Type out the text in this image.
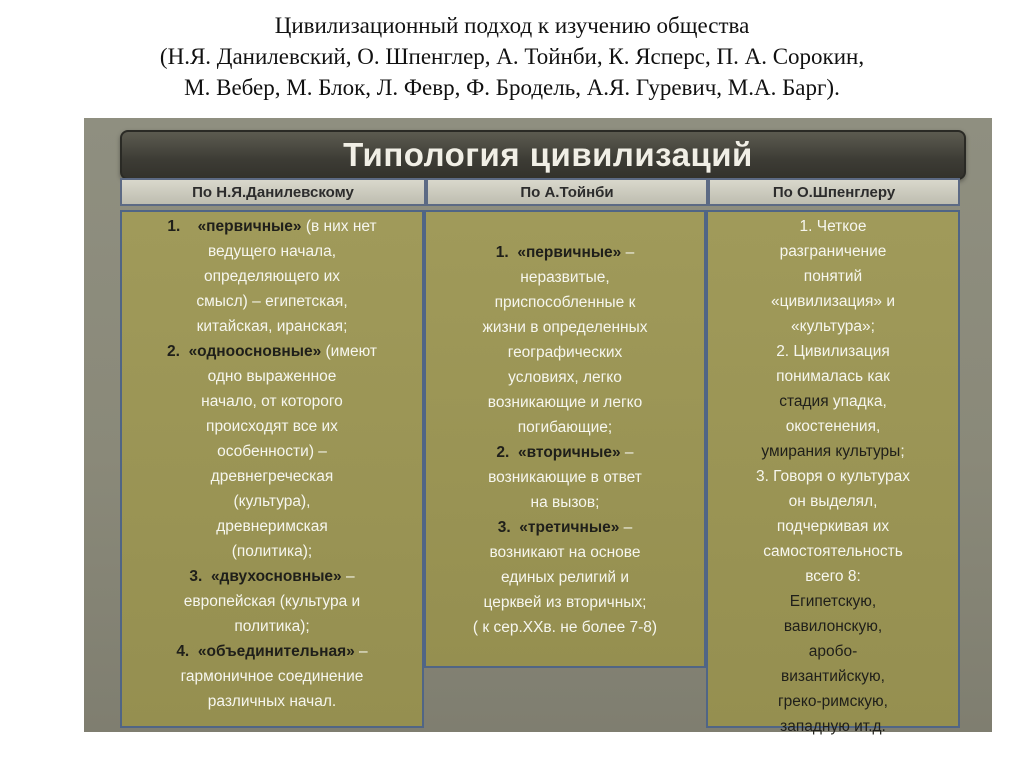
Цивилизационный подход к изучению общества
(Н.Я. Данилевский, О. Шпенглер, А. Тойнби, К. Ясперс, П. А. Сорокин,
М. Вебер, М. Блок, Л. Февр, Ф. Бродель, А.Я. Гуревич, М.А. Барг).
Типология цивилизаций
По Н.Я.Данилевскому	По А.Тойнби	По О.Шпенглеру
1. «первичные» (в них нет
ведущего начала,
определяющего их
смысл) – египетская,
китайская, иранская;
2. «одноосновные» (имеют
одно выраженное
начало, от которого
происходят все их
особенности) –
древнегреческая
(культура),
древнеримская
(политика);
3. «двухосновные» –
европейская (культура и
политика);
4. «объединительная» –
гармоничное соединение
различных начал.
1. «первичные» –
неразвитые,
приспособленные к
жизни в определенных
географических
условиях, легко
возникающие и легко
погибающие;
2. «вторичные» –
возникающие в ответ
на вызов;
3. «третичные» –
возникают на основе
единых религий и
церквей из вторичных;
( к сер.XXв. не более 7-8)
1. Четкое
разграничение
понятий
«цивилизация» и
«культура»;
2. Цивилизация
понималась как
стадия упадка,
окостенения,
умирания культуры;
3. Говоря о культурах
он выделял,
подчеркивая их
самостоятельность
всего 8:
Египетскую,
вавилонскую,
аробо-
византийскую,
греко-римскую,
западную ит.д.
